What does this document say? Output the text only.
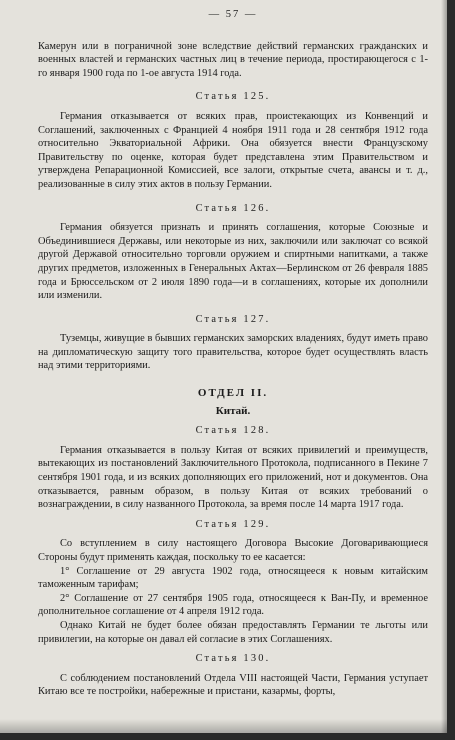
— 57 —

Камерун или в пограничной зоне вследствие действий германских гражданских и военных властей и германских частных лиц в течение периода, простирающегося с 1-го января 1900 года по 1-ое августа 1914 года.

Статья 125.

Германия отказывается от всяких прав, проистекающих из Конвенций и Соглашений, заключенных с Францией 4 ноября 1911 года и 28 сентября 1912 года относительно Экваториальной Африки. Она обязуется внести Французскому Правительству по оценке, которая будет представлена этим Правительством и утверждена Репарационной Комиссией, все залоги, открытые счета, авансы и т. д., реализованные в силу этих актов в пользу Германии.

Статья 126.

Германия обязуется признать и принять соглашения, которые Союзные и Объединившиеся Державы, или некоторые из них, заключили или заключат со всякой другой Державой относительно торговли оружием и спиртными напитками, а также других предметов, изложенных в Генеральных Актах—Берлинском от 26 февраля 1885 года и Брюссельском от 2 июля 1890 года—и в соглашениях, которые их дополнили или изменили.

Статья 127.

Туземцы, живущие в бывших германских заморских владениях, будут иметь право на дипломатическую защиту того правительства, которое будет осуществлять власть над этими территориями.

ОТДЕЛ II.
Китай.
Статья 128.

Германия отказывается в пользу Китая от всяких привилегий и преимуществ, вытекающих из постановлений Заключительного Протокола, подписанного в Пекине 7 сентября 1901 года, и из всяких дополняющих его приложений, нот и документов. Она отказывается, равным образом, в пользу Китая от всяких требований о вознаграждении, в силу названного Протокола, за время после 14 марта 1917 года.

Статья 129.

Со вступлением в силу настоящего Договора Высокие Договаривающиеся Стороны будут применять каждая, поскольку то ее касается:

1° Соглашение от 29 августа 1902 года, относящееся к новым китайским таможенным тарифам;

2° Соглашение от 27 сентября 1905 года, относящееся к Ван-Пу, и временное дополнительное соглашение от 4 апреля 1912 года.

Однако Китай не будет более обязан предоставлять Германии те льготы или привилегии, на которые он давал ей согласие в этих Соглашениях.

Статья 130.

С соблюдением постановлений Отдела VIII настоящей Части, Германия уступает Китаю все те постройки, набережные и пристани, казармы, форты,
